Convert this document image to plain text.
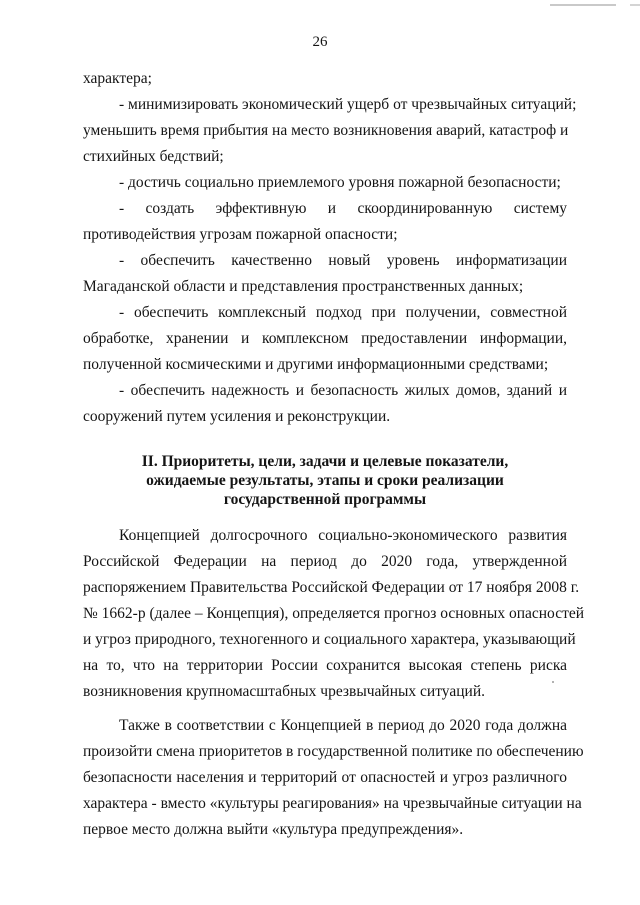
26
характера;
- минимизировать экономический ущерб от чрезвычайных ситуаций;
уменьшить время прибытия на место возникновения аварий, катастроф и
стихийных бедствий;
- достичь социально приемлемого уровня пожарной безопасности;
- создать эффективную и скоординированную систему
противодействия угрозам пожарной опасности;
- обеспечить качественно новый уровень информатизации
Магаданской области и представления пространственных данных;
- обеспечить комплексный подход при получении, совместной
обработке, хранении и комплексном предоставлении информации,
полученной космическими и другими информационными средствами;
- обеспечить надежность и безопасность жилых домов, зданий и
сооружений путем усиления и реконструкции.
II. Приоритеты, цели, задачи и целевые показатели,
ожидаемые результаты, этапы и сроки реализации
государственной программы
Концепцией долгосрочного социально-экономического развития
Российской Федерации на период до 2020 года, утвержденной
распоряжением Правительства Российской Федерации от 17 ноября 2008 г.
№ 1662-р (далее – Концепция), определяется прогноз основных опасностей
и угроз природного, техногенного и социального характера, указывающий
на то, что на территории России сохранится высокая степень риска
возникновения крупномасштабных чрезвычайных ситуаций.
Также в соответствии с Концепцией в период до 2020 года должна
произойти смена приоритетов в государственной политике по обеспечению
безопасности населения и территорий от опасностей и угроз различного
характера - вместо «культуры реагирования» на чрезвычайные ситуации на
первое место должна выйти «культура предупреждения».
